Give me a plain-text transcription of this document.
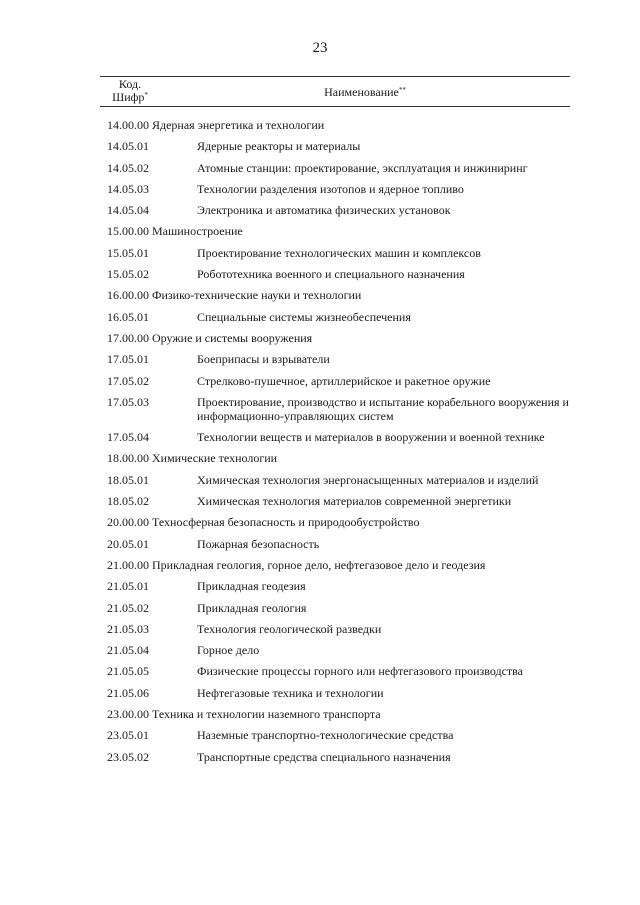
23
Код.
Шифр*	Наименование**
14.00.00 Ядерная энергетика и технологии
14.05.01	Ядерные реакторы и материалы
14.05.02	Атомные станции: проектирование, эксплуатация и инжиниринг
14.05.03	Технологии разделения изотопов и ядерное топливо
14.05.04	Электроника и автоматика физических установок
15.00.00 Машиностроение
15.05.01	Проектирование технологических машин и комплексов
15.05.02	Робототехника военного и специального назначения
16.00.00 Физико-технические науки и технологии
16.05.01	Специальные системы жизнеобеспечения
17.00.00 Оружие и системы вооружения
17.05.01	Боеприпасы и взрыватели
17.05.02	Стрелково-пушечное, артиллерийское и ракетное оружие
17.05.03	Проектирование, производство и испытание корабельного вооружения и информационно-управляющих систем
17.05.04	Технологии веществ и материалов в вооружении и военной технике
18.00.00 Химические технологии
18.05.01	Химическая технология энергонасыщенных материалов и изделий
18.05.02	Химическая технология материалов современной энергетики
20.00.00 Техносферная безопасность и природообустройство
20.05.01	Пожарная безопасность
21.00.00 Прикладная геология, горное дело, нефтегазовое дело и геодезия
21.05.01	Прикладная геодезия
21.05.02	Прикладная геология
21.05.03	Технология геологической разведки
21.05.04	Горное дело
21.05.05	Физические процессы горного или нефтегазового производства
21.05.06	Нефтегазовые техника и технологии
23.00.00 Техника и технологии наземного транспорта
23.05.01	Наземные транспортно-технологические средства
23.05.02	Транспортные средства специального назначения
